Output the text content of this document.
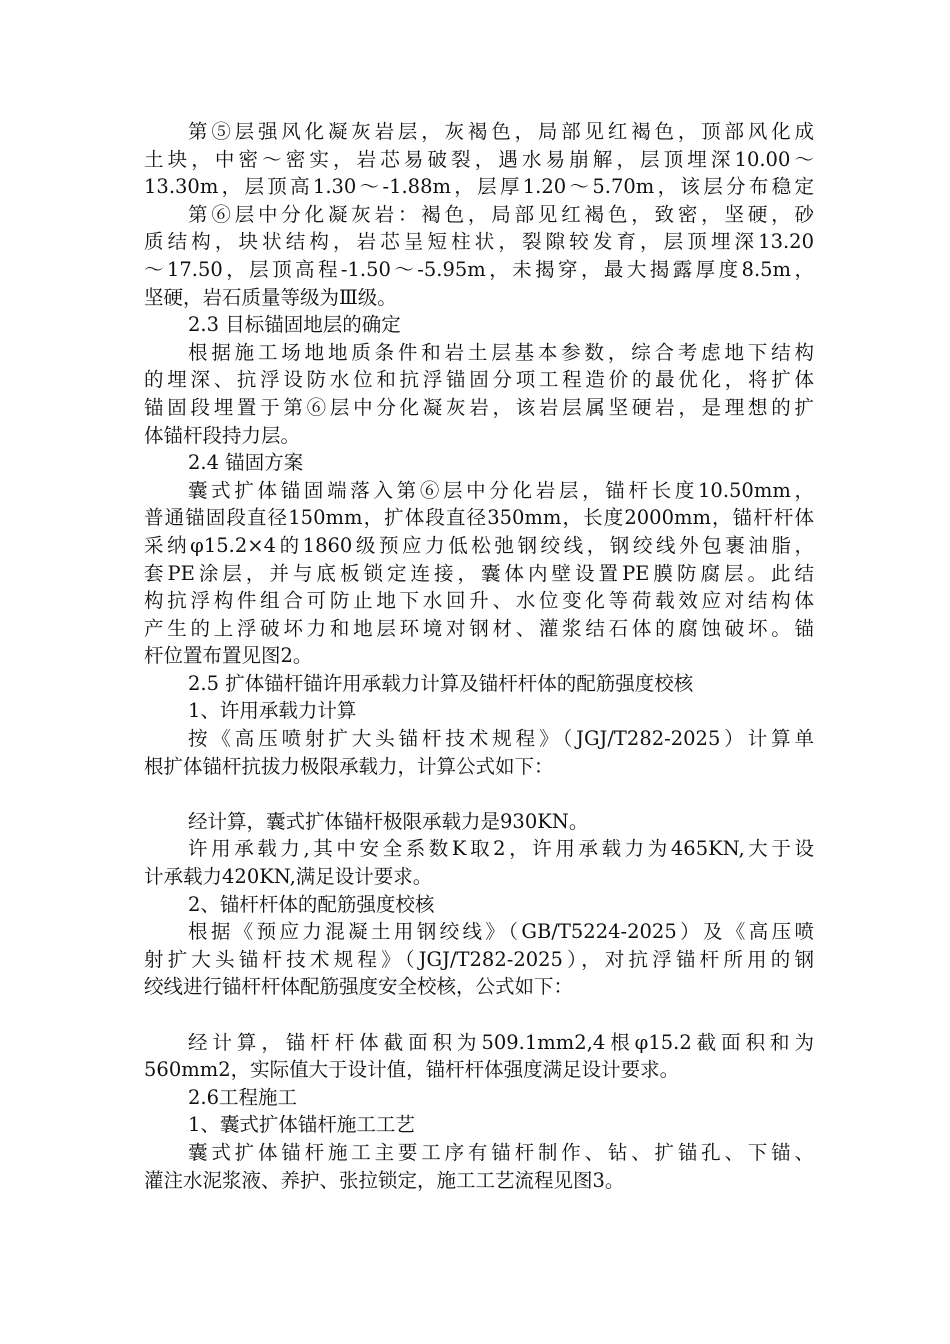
第⑤层强风化凝灰岩层，灰褐色，局部见红褐色，顶部风化成
土块，中密～密实，岩芯易破裂，遇水易崩解，层顶埋深10.00～
13.30m，层顶高1.30～-1.88m，层厚1.20～5.70m，该层分布稳定
第⑥层中分化凝灰岩：褐色，局部见红褐色，致密，坚硬，砂
质结构，块状结构，岩芯呈短柱状，裂隙较发育，层顶埋深13.20
～17.50，层顶高程-1.50～-5.95m，未揭穿，最大揭露厚度8.5m，
坚硬，岩石质量等级为Ⅲ级。
2.3 目标锚固地层的确定
根据施工场地地质条件和岩土层基本参数，综合考虑地下结构
的埋深、抗浮设防水位和抗浮锚固分项工程造价的最优化，将扩体
锚固段埋置于第⑥层中分化凝灰岩，该岩层属坚硬岩，是理想的扩
体锚杆段持力层。
2.4 锚固方案
囊式扩体锚固端落入第⑥层中分化岩层，锚杆长度10.50mm，
普通锚固段直径150mm，扩体段直径350mm，长度2000mm，锚杆杆体
采纳φ15.2×4的1860级预应力低松弛钢绞线，钢绞线外包裹油脂，
套PE涂层，并与底板锁定连接，囊体内壁设置PE膜防腐层。此结
构抗浮构件组合可防止地下水回升、水位变化等荷载效应对结构体
产生的上浮破坏力和地层环境对钢材、灌浆结石体的腐蚀破坏。锚
杆位置布置见图2。
2.5 扩体锚杆锚许用承载力计算及锚杆杆体的配筋强度校核
1、许用承载力计算
按《高压喷射扩大头锚杆技术规程》（JGJ/T282-2025）计算单
根扩体锚杆抗拔力极限承载力，计算公式如下：
经计算，囊式扩体锚杆极限承载力是930KN。
许用承载力,其中安全系数K取2，许用承载力为465KN,大于设
计承载力420KN,满足设计要求。
2、锚杆杆体的配筋强度校核
根据《预应力混凝土用钢绞线》（GB/T5224-2025）及《高压喷
射扩大头锚杆技术规程》（JGJ/T282-2025），对抗浮锚杆所用的钢
绞线进行锚杆杆体配筋强度安全校核，公式如下：
经计算，锚杆杆体截面积为509.1mm2,4根φ15.2截面积和为
560mm2，实际值大于设计值，锚杆杆体强度满足设计要求。
2.6工程施工
1、囊式扩体锚杆施工工艺
囊式扩体锚杆施工主要工序有锚杆制作、钻、扩锚孔、下锚、
灌注水泥浆液、养护、张拉锁定，施工工艺流程见图3。
